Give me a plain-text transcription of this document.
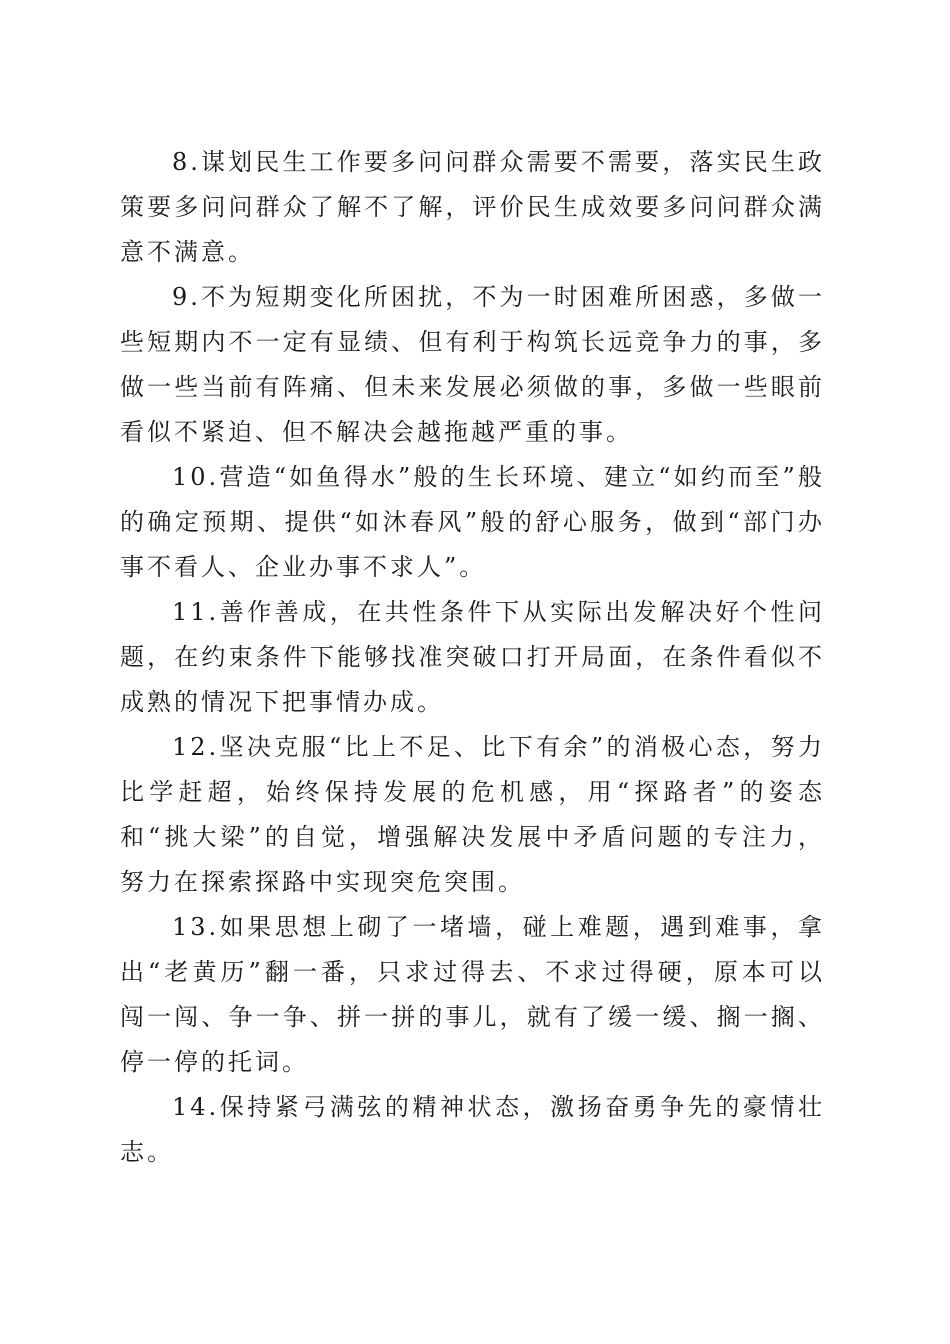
8.谋划民生工作要多问问群众需要不需要，落实民生政策要多问问群众了解不了解，评价民生成效要多问问群众满意不满意。

9.不为短期变化所困扰，不为一时困难所困惑，多做一些短期内不一定有显绩、但有利于构筑长远竞争力的事，多做一些当前有阵痛、但未来发展必须做的事，多做一些眼前看似不紧迫、但不解决会越拖越严重的事。

10.营造“如鱼得水”般的生长环境、建立“如约而至”般的确定预期、提供“如沐春风”般的舒心服务，做到“部门办事不看人、企业办事不求人”。

11.善作善成，在共性条件下从实际出发解决好个性问题，在约束条件下能够找准突破口打开局面，在条件看似不成熟的情况下把事情办成。

12.坚决克服“比上不足、比下有余”的消极心态，努力比学赶超，始终保持发展的危机感，用“探路者”的姿态和“挑大梁”的自觉，增强解决发展中矛盾问题的专注力，努力在探索探路中实现突危突围。

13.如果思想上砌了一堵墙，碰上难题，遇到难事，拿出“老黄历”翻一番，只求过得去、不求过得硬，原本可以闯一闯、争一争、拼一拼的事儿，就有了缓一缓、搁一搁、停一停的托词。

14.保持紧弓满弦的精神状态，激扬奋勇争先的豪情壮志。
